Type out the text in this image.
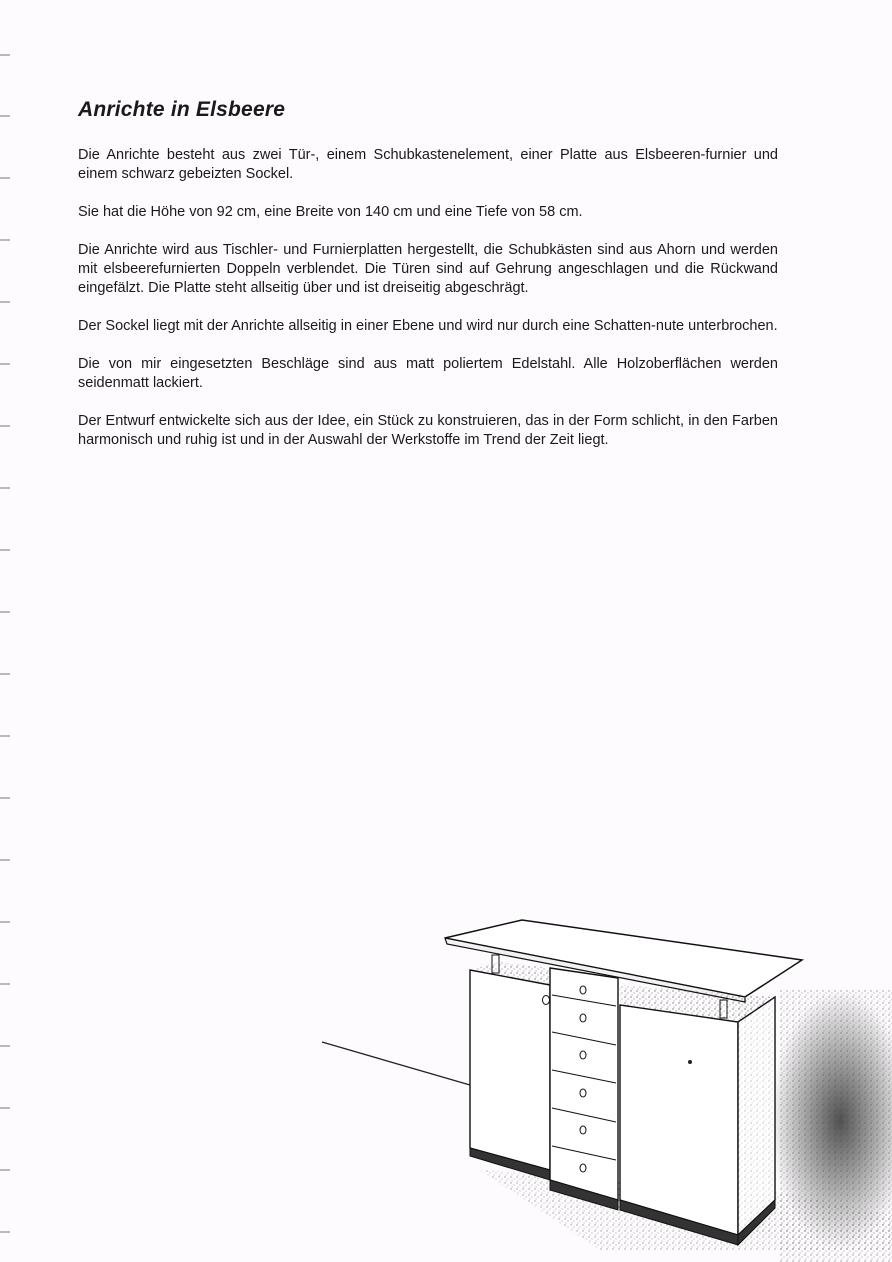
Anrichte in Elsbeere

Die Anrichte besteht aus zwei Tür-, einem Schubkastenelement, einer Platte aus Elsbeeren-furnier und einem schwarz gebeizten Sockel.

Sie hat die Höhe von 92 cm, eine Breite von 140 cm und eine Tiefe von 58 cm.

Die Anrichte wird aus Tischler- und Furnierplatten hergestellt, die Schubkästen sind aus Ahorn und werden mit elsbeerefurnierten Doppeln verblendet. Die Türen sind auf Gehrung angeschlagen und die Rückwand eingefälzt. Die Platte steht allseitig über und ist dreiseitig abgeschrägt.

Der Sockel liegt mit der Anrichte allseitig in einer Ebene und wird nur durch eine Schatten-nute unterbrochen.

Die von mir eingesetzten Beschläge sind aus matt poliertem Edelstahl. Alle Holzoberflächen werden seidenmatt lackiert.

Der Entwurf entwickelte sich aus der Idee, ein Stück zu konstruieren, das in der Form schlicht, in den Farben harmonisch und ruhig ist und in der Auswahl der Werkstoffe im Trend der Zeit liegt.
